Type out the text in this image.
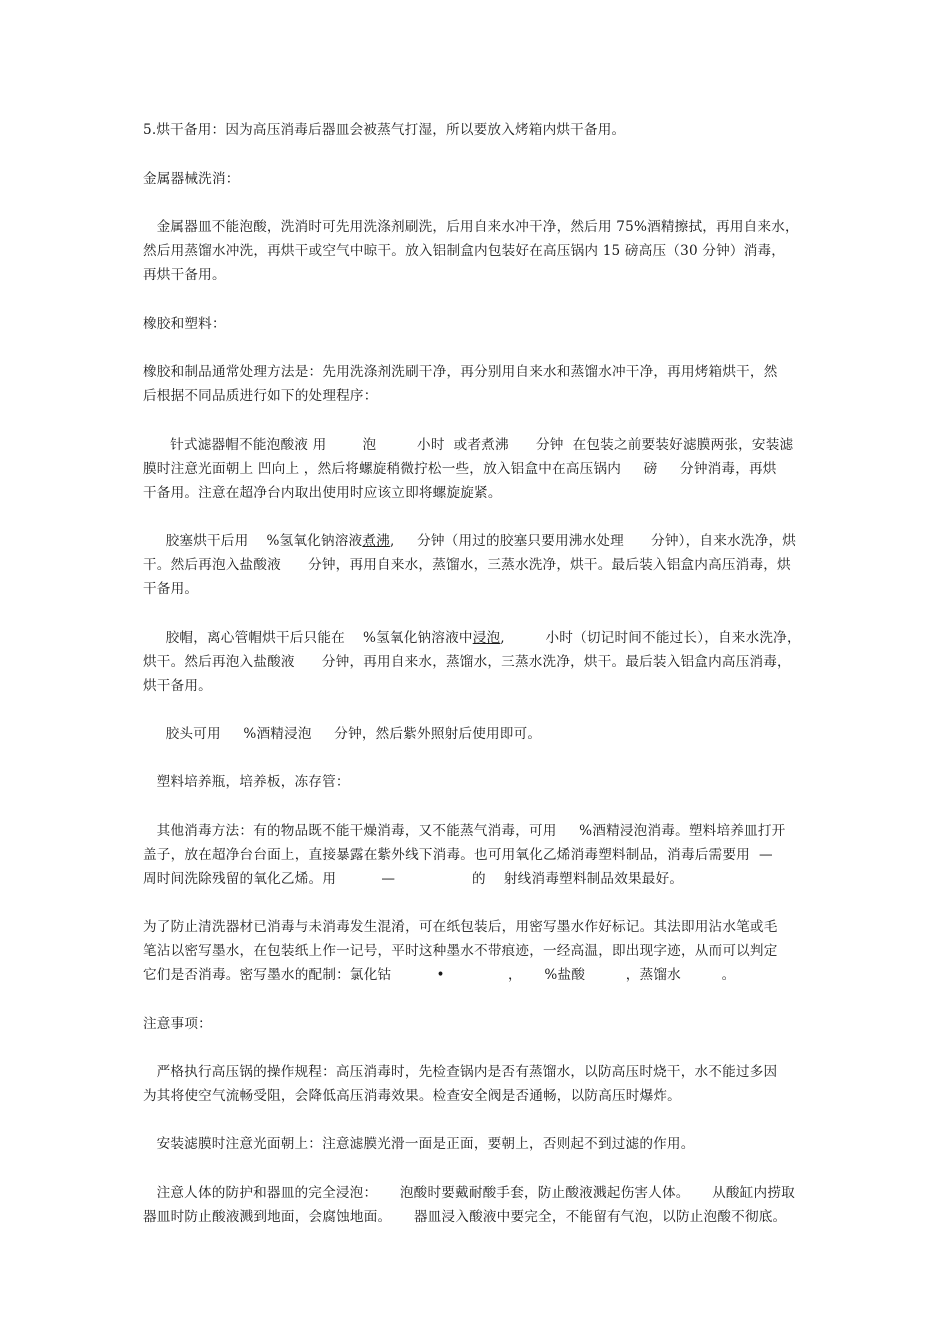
5.烘干备用：因为高压消毒后器皿会被蒸气打湿，所以要放入烤箱内烘干备用。
金属器械洗消：
金属器皿不能泡酸，洗消时可先用洗涤剂刷洗，后用自来水冲干净，然后用 75%酒精擦拭，再用自来水，
然后用蒸馏水冲洗，再烘干或空气中晾干。放入铝制盒内包装好在高压锅内 15 磅高压（30 分钟）消毒，
再烘干备用。
橡胶和塑料：
橡胶和制品通常处理方法是：先用洗涤剂洗刷干净，再分别用自来水和蒸馏水冲干净，再用烤箱烘干，然
后根据不同品质进行如下的处理程序：
针式滤器帽不能泡酸液 用        泡         小时  或者煮沸      分钟  在包装之前要装好滤膜两张，安装滤
膜时注意光面朝上 凹向上 ，然后将螺旋稍微拧松一些，放入铝盒中在高压锅内     磅     分钟消毒，再烘
干备用。注意在超净台内取出使用时应该立即将螺旋旋紧。
胶塞烘干后用    %氢氧化钠溶液煮沸,     分钟（用过的胶塞只要用沸水处理      分钟），自来水洗净，烘
干。然后再泡入盐酸液      分钟，再用自来水，蒸馏水，三蒸水洗净，烘干。最后装入铝盒内高压消毒，烘
干备用。
胶帽，离心管帽烘干后只能在    %氢氧化钠溶液中浸泡,         小时（切记时间不能过长），自来水洗净，
烘干。然后再泡入盐酸液      分钟，再用自来水，蒸馏水，三蒸水洗净，烘干。最后装入铝盒内高压消毒，
烘干备用。
胶头可用     %酒精浸泡     分钟，然后紫外照射后使用即可。
塑料培养瓶，培养板，冻存管：
其他消毒方法：有的物品既不能干燥消毒，又不能蒸气消毒，可用     %酒精浸泡消毒。塑料培养皿打开
盖子，放在超净台台面上，直接暴露在紫外线下消毒。也可用氧化乙烯消毒塑料制品，消毒后需要用  —
周时间洗除残留的氧化乙烯。用          —                 的    射线消毒塑料制品效果最好。
为了防止清洗器材已消毒与未消毒发生混淆，可在纸包装后，用密写墨水作好标记。其法即用沾水笔或毛
笔沾以密写墨水，在包装纸上作一记号，平时这种墨水不带痕迹，一经高温，即出现字迹，从而可以判定
它们是否消毒。密写墨水的配制：氯化钴          •              ，     %盐酸         ，蒸馏水         。
注意事项：
严格执行高压锅的操作规程：高压消毒时，先检查锅内是否有蒸馏水，以防高压时烧干，水不能过多因
为其将使空气流畅受阻，会降低高压消毒效果。检查安全阀是否通畅，以防高压时爆炸。
安装滤膜时注意光面朝上：注意滤膜光滑一面是正面，要朝上，否则起不到过滤的作用。
注意人体的防护和器皿的完全浸泡：     泡酸时要戴耐酸手套，防止酸液溅起伤害人体。     从酸缸内捞取
器皿时防止酸液溅到地面，会腐蚀地面。     器皿浸入酸液中要完全，不能留有气泡，以防止泡酸不彻底。
